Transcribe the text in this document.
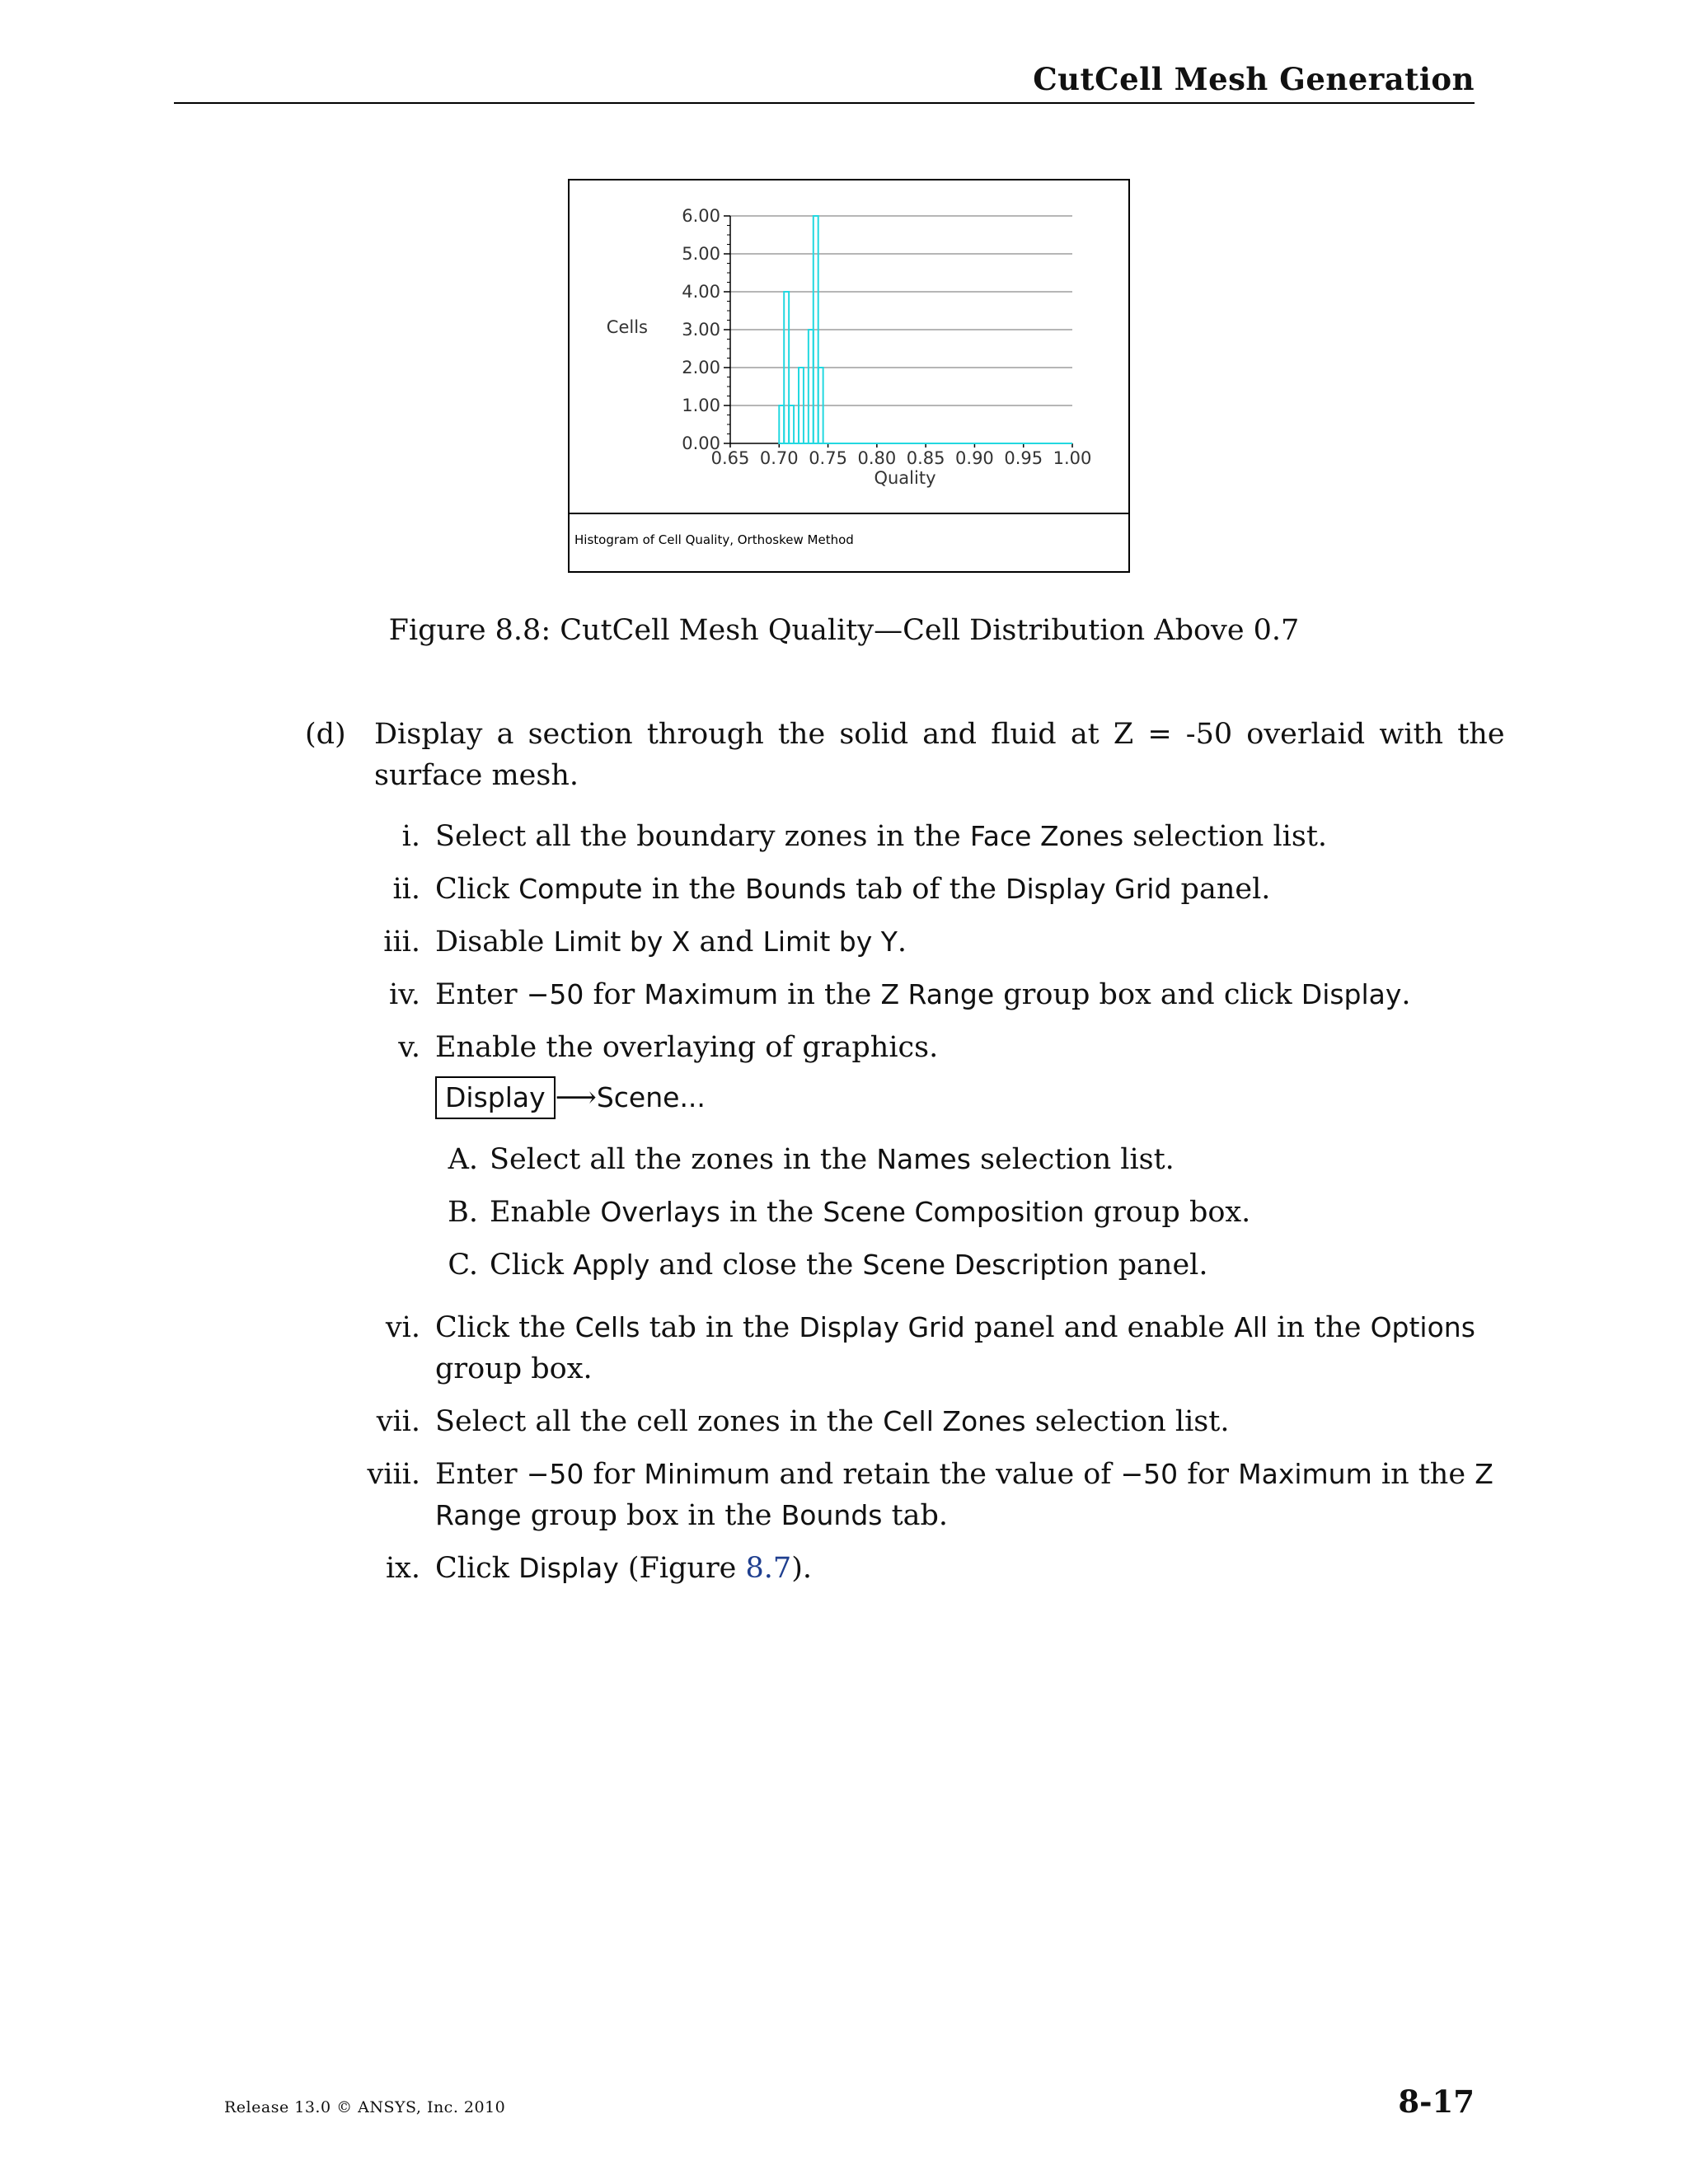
CutCell Mesh Generation
0.00
1.00
2.00
3.00
4.00
5.00
6.00
0.65 0.70 0.75 0.80 0.85 0.90 0.95 1.00
Cells
Quality
Histogram of Cell Quality, Orthoskew Method
Figure 8.8: CutCell Mesh Quality—Cell Distribution Above 0.7
(d) Display a section through the solid and fluid at Z = -50 overlaid with the
surface mesh.
i. Select all the boundary zones in the Face Zones selection list.
ii. Click Compute in the Bounds tab of the Display Grid panel.
iii. Disable Limit by X and Limit by Y.
iv. Enter −50 for Maximum in the Z Range group box and click Display.
v. Enable the overlaying of graphics.
Display ⟶Scene...
A. Select all the zones in the Names selection list.
B. Enable Overlays in the Scene Composition group box.
C. Click Apply and close the Scene Description panel.
vi. Click the Cells tab in the Display Grid panel and enable All in the Options
group box.
vii. Select all the cell zones in the Cell Zones selection list.
viii. Enter −50 for Minimum and retain the value of −50 for Maximum in the Z
Range group box in the Bounds tab.
ix. Click Display (Figure 8.7).
Release 13.0 © ANSYS, Inc. 2010	8-17
